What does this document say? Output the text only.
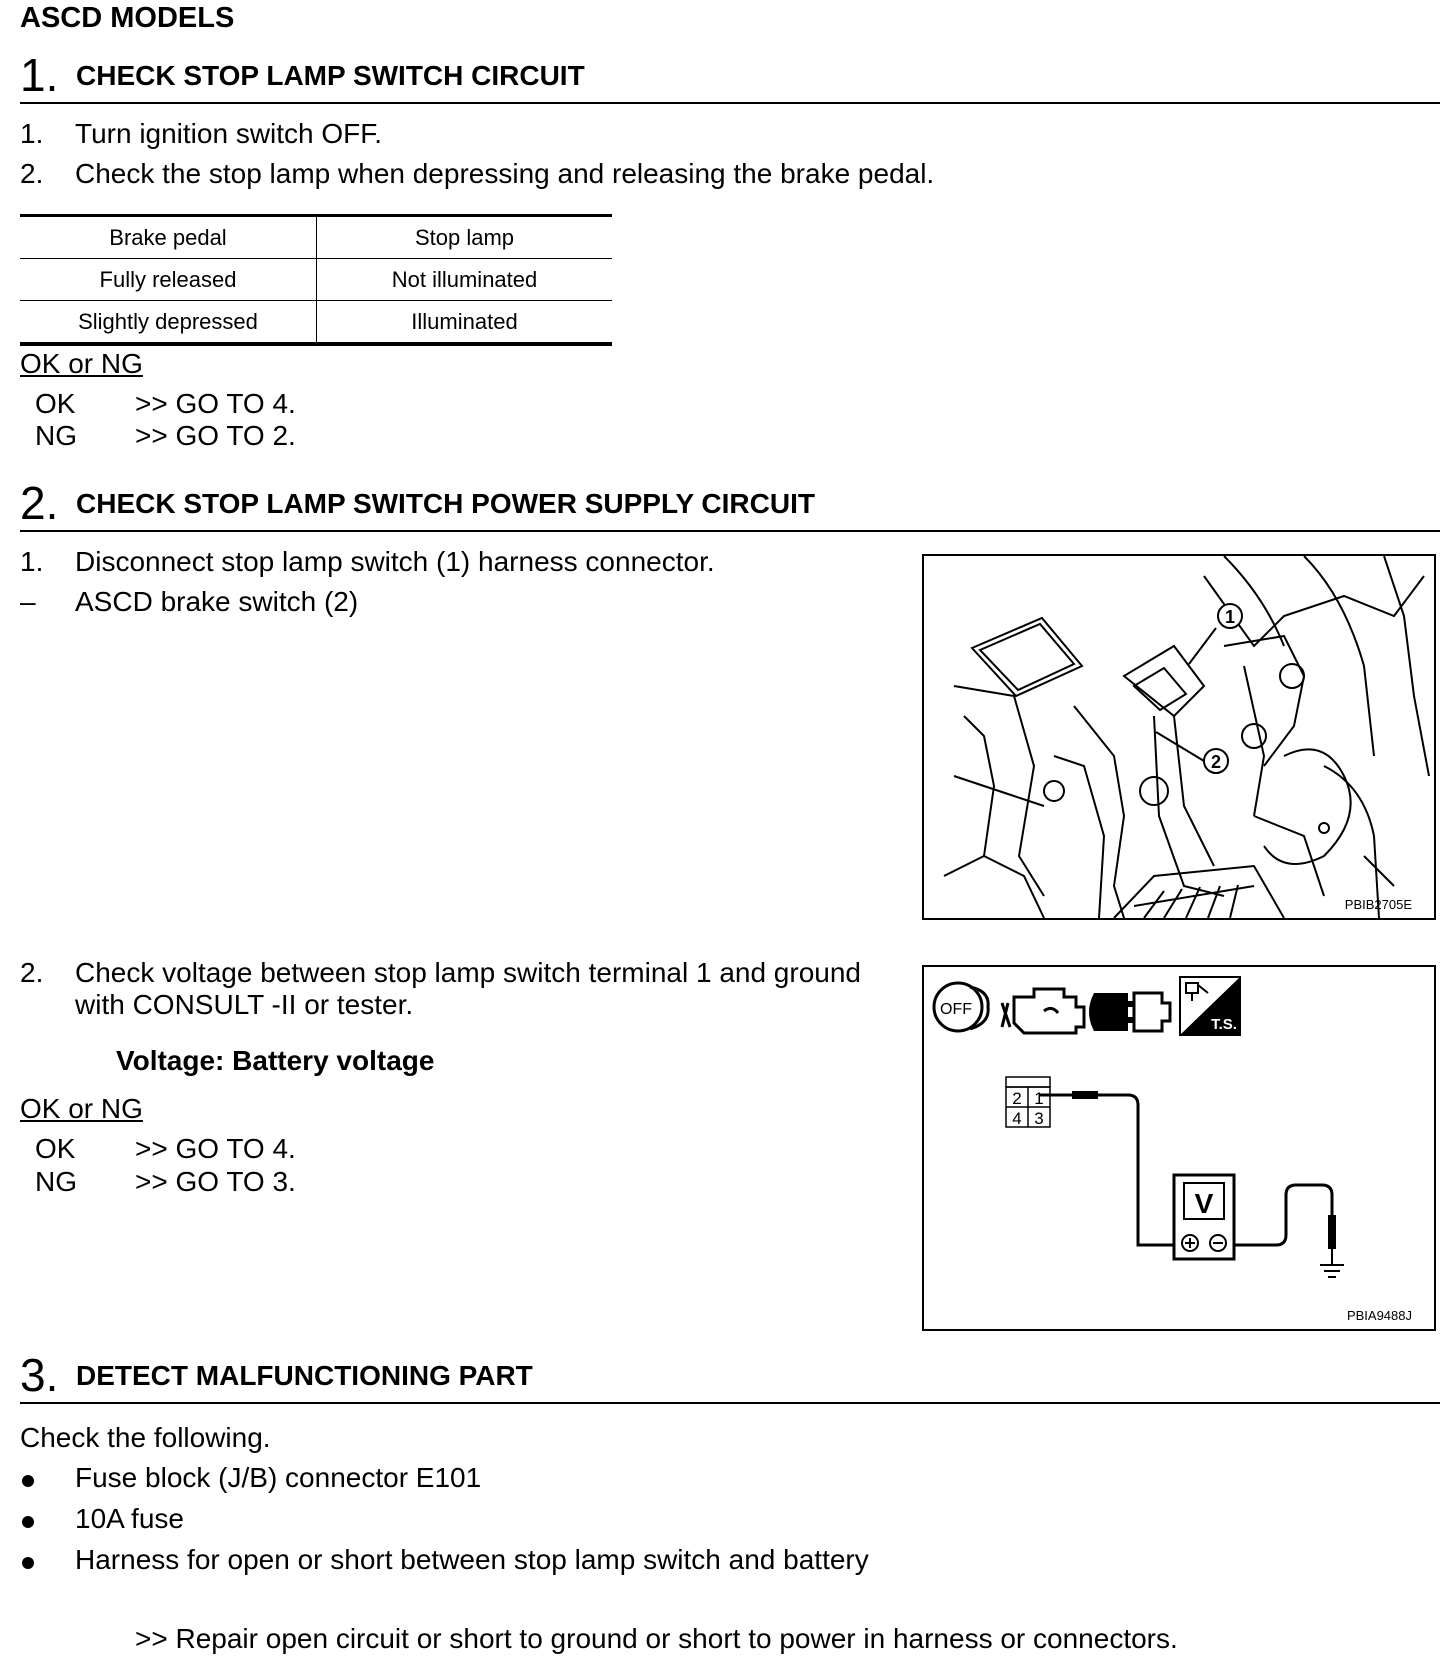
ASCD MODELS
1. CHECK STOP LAMP SWITCH CIRCUIT
1. Turn ignition switch OFF.
2. Check the stop lamp when depressing and releasing the brake pedal.
Brake pedal	Stop lamp
Fully released	Not illuminated
Slightly depressed	Illuminated
OK or NG
OK >> GO TO 4.
NG >> GO TO 2.
2. CHECK STOP LAMP SWITCH POWER SUPPLY CIRCUIT
1. Disconnect stop lamp switch (1) harness connector.
– ASCD brake switch (2)	1
2
PBIB2705E
2. Check voltage between stop lamp switch terminal 1 and ground
with CONSULT -II or tester.
Voltage: Battery voltage
OK or NG
OK >> GO TO 4.
NG >> GO TO 3.
OFF
T.S.
2 1
4 3
V
PBIA9488J
3. DETECT MALFUNCTIONING PART
Check the following.
Fuse block (J/B) connector E101
10A fuse
Harness for open or short between stop lamp switch and battery
>> Repair open circuit or short to ground or short to power in harness or connectors.
